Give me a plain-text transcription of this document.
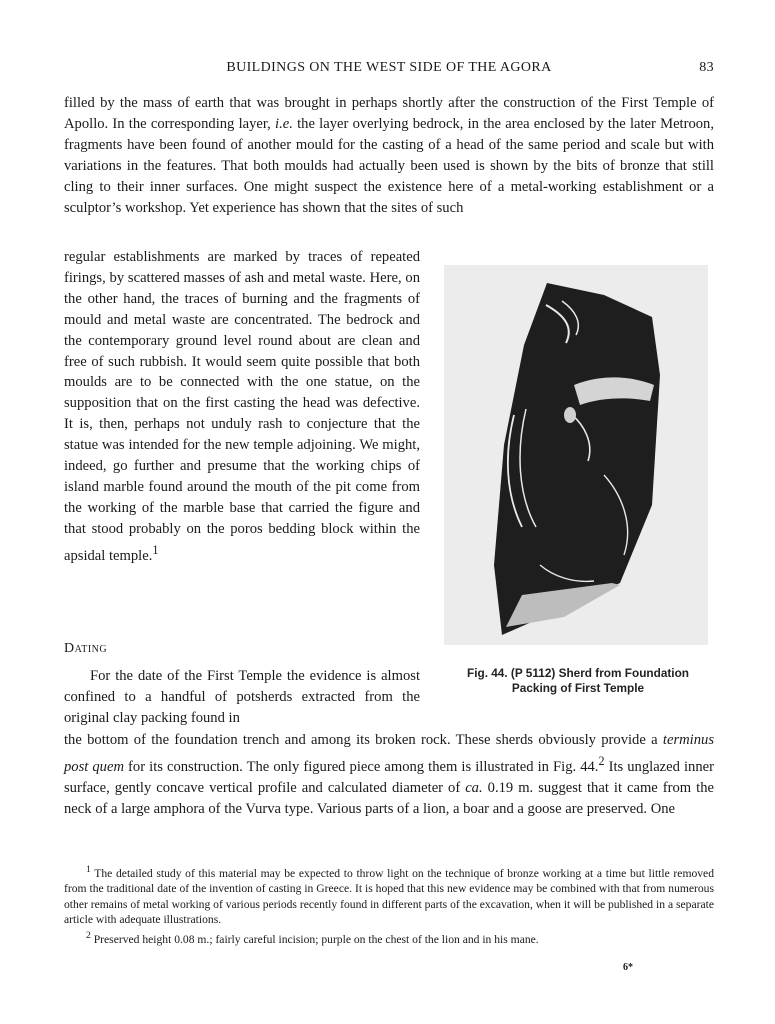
BUILDINGS ON THE WEST SIDE OF THE AGORA	83

filled by the mass of earth that was brought in perhaps shortly after the construction of the First Temple of Apollo. In the corresponding layer, i.e. the layer overlying bedrock, in the area enclosed by the later Metroon, fragments have been found of another mould for the casting of a head of the same period and scale but with variations in the features. That both moulds had actually been used is shown by the bits of bronze that still cling to their inner surfaces. One might suspect the existence here of a metal-working establishment or a sculptor’s workshop. Yet experience has shown that the sites of such

regular establishments are marked by traces of repeated firings, by scattered masses of ash and metal waste. Here, on the other hand, the traces of burning and the fragments of mould and metal waste are concentrated. The bedrock and the contemporary ground level round about are clean and free of such rubbish. It would seem quite possible that both moulds are to be connected with the one statue, on the supposition that on the first casting the head was defective. It is, then, perhaps not unduly rash to conjecture that the statue was intended for the new temple adjoining. We might, indeed, go further and presume that the working chips of island marble found around the mouth of the pit come from the working of the marble base that carried the figure and that stood probably on the poros bedding block within the apsidal temple.$^1$

Dating
Fig. 44. (P 5112) Sherd from Foundation
Packing of First Temple

For the date of the First Temple the evidence is almost confined to a handful of potsherds extracted from the original clay packing found in

the bottom of the foundation trench and among its broken rock. These sherds obviously provide a terminus post quem for its construction. The only figured piece among them is illustrated in Fig. 44.$^2$ Its unglazed inner surface, gently concave vertical profile and calculated diameter of ca. 0.19 m. suggest that it came from the neck of a large amphora of the Vurva type. Various parts of a lion, a boar and a goose are preserved. One

$^1$ The detailed study of this material may be expected to throw light on the technique of bronze working at a time but little removed from the traditional date of the invention of casting in Greece. It is hoped that this new evidence may be combined with that from numerous other remains of metal working of various periods recently found in different parts of the excavation, when it will be published in a separate article with adequate illustrations.

$^2$ Preserved height 0.08 m.; fairly careful incision; purple on the chest of the lion and in his mane.

6*
